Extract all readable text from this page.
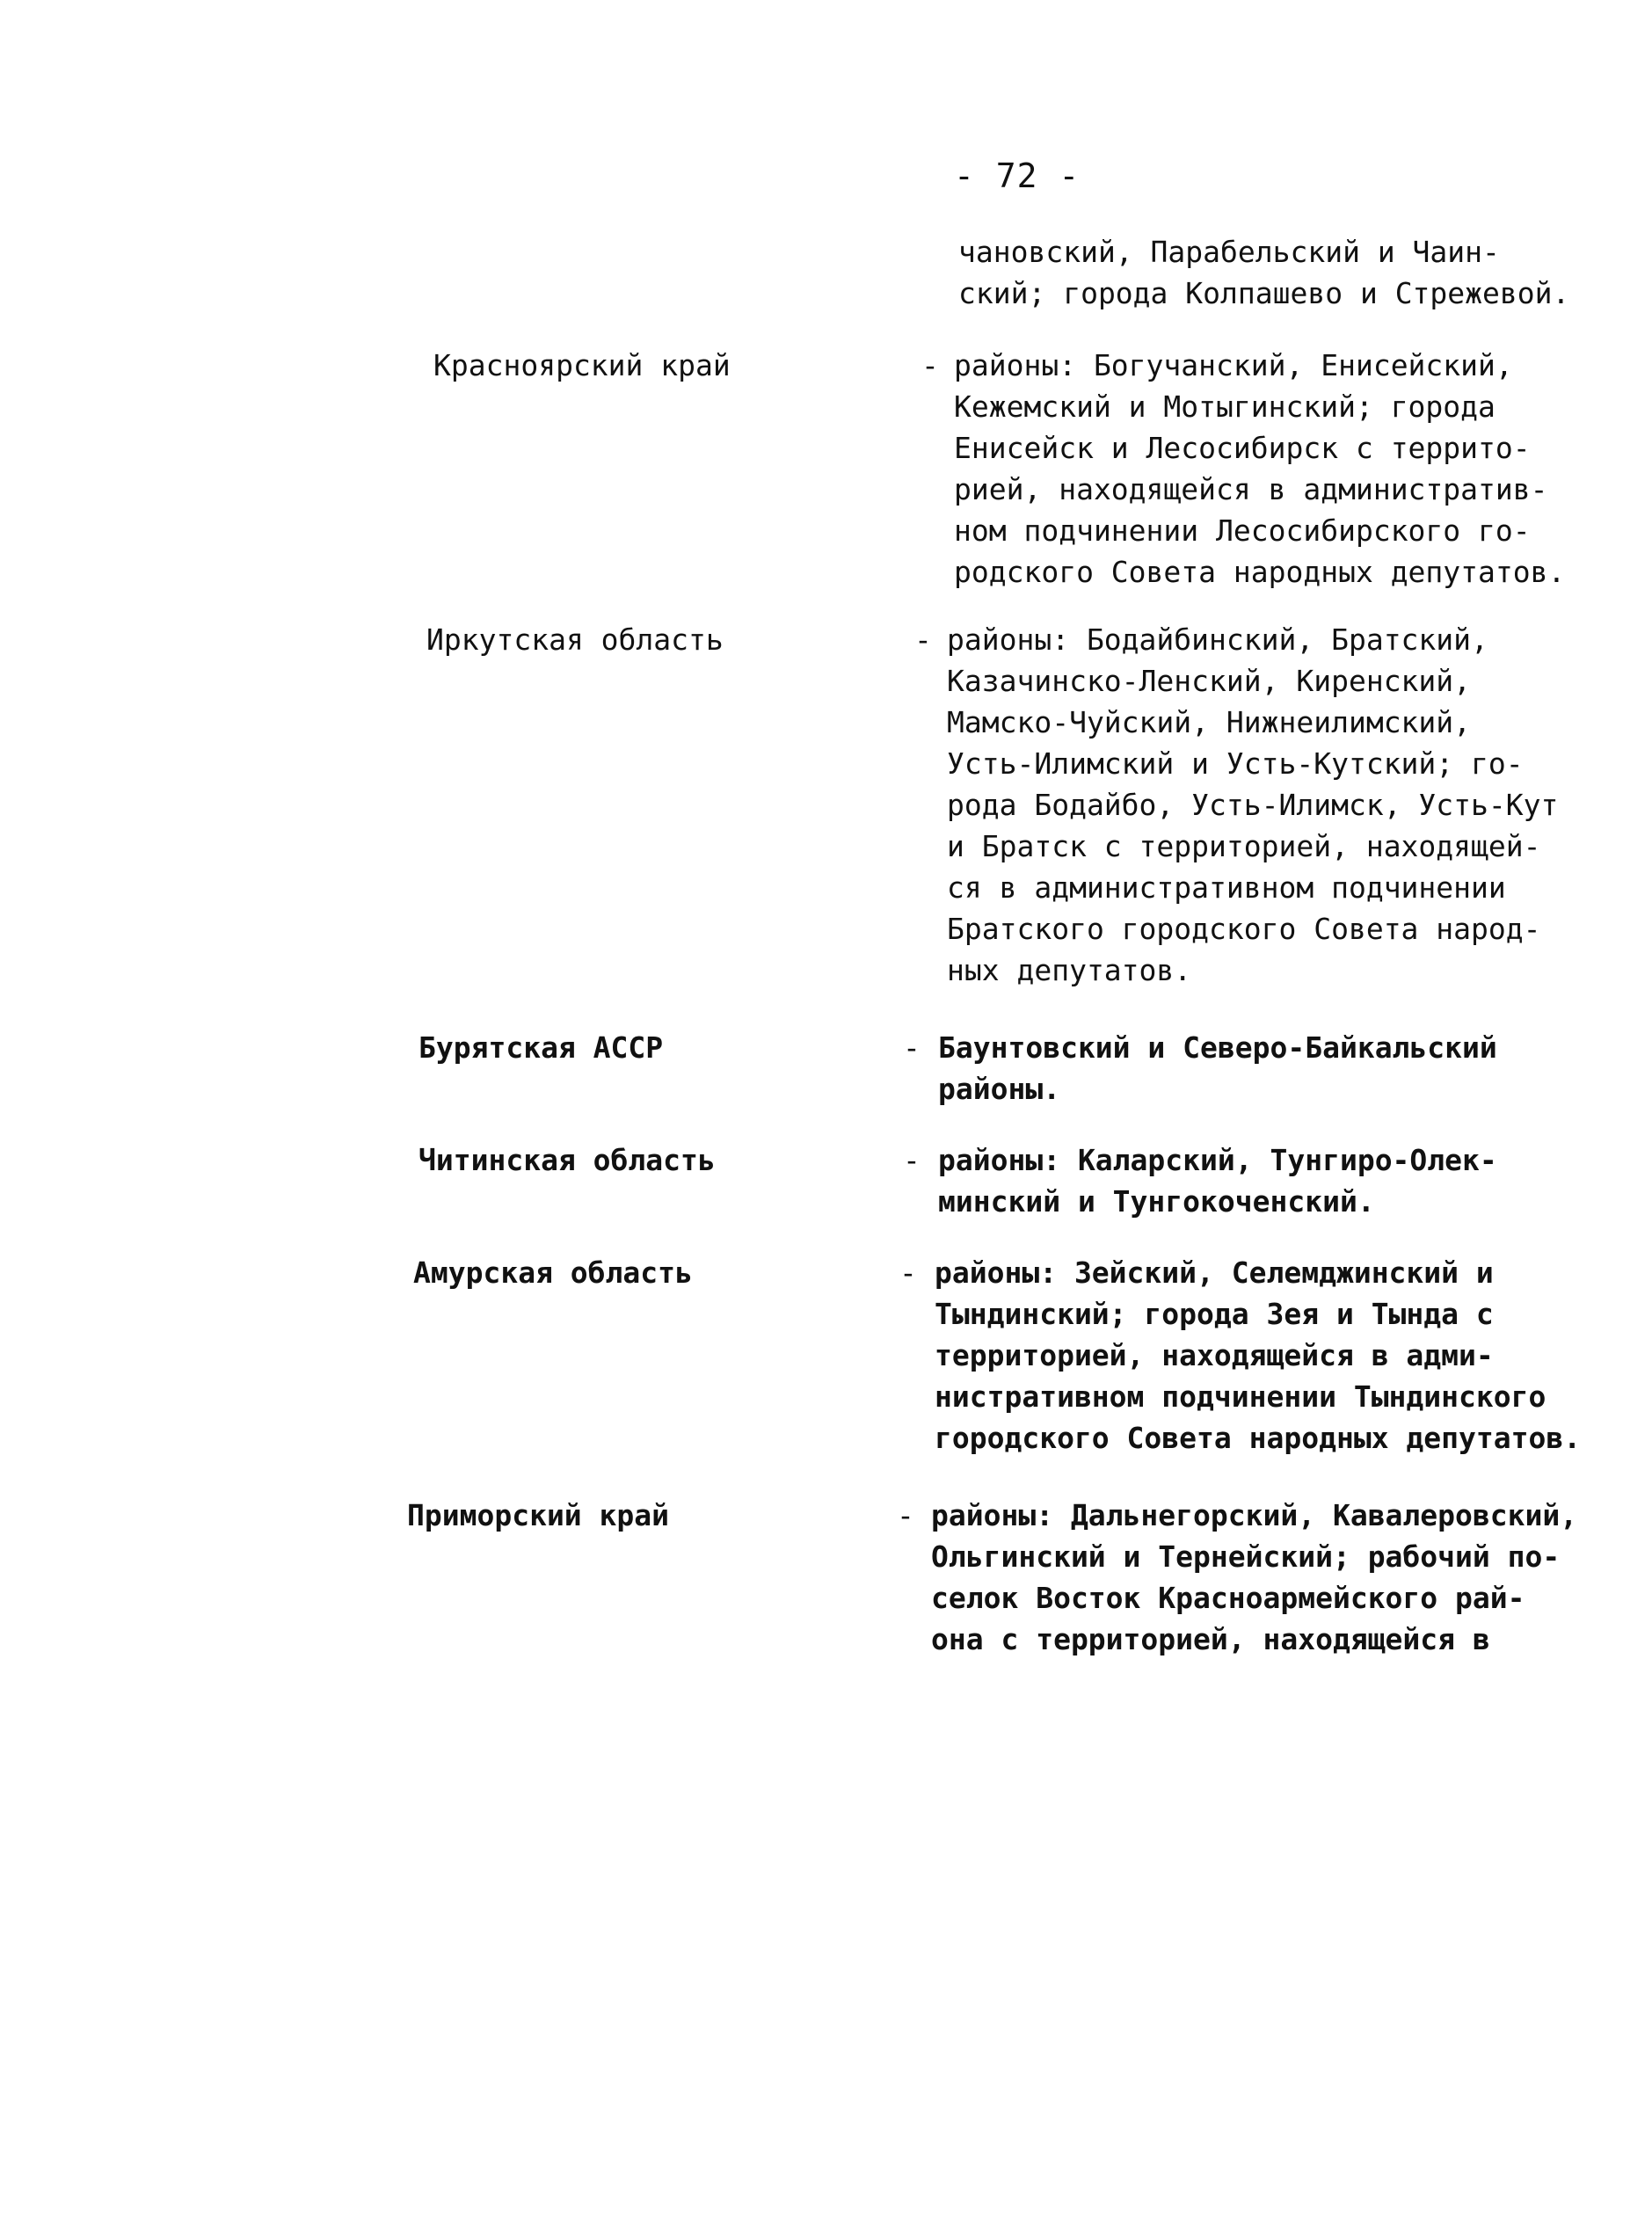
- 72 -
чановский, Парабельский и Чаин-
ский; города Колпашево и Стрежевой.
Красноярский край	- районы: Богучанский, Енисейский,
Кежемский и Мотыгинский; города
Енисейск и Лесосибирск с террито-
рией, находящейся в административ-
ном подчинении Лесосибирского го-
родского Совета народных депутатов.
Иркутская область	- районы: Бодайбинский, Братский,
Казачинско-Ленский, Киренский,
Мамско-Чуйский, Нижнеилимский,
Усть-Илимский и Усть-Кутский; го-
рода Бодайбо, Усть-Илимск, Усть-Кут
и Братск с территорией, находящей-
ся в административном подчинении
Братского городского Совета народ-
ных депутатов.
Бурятская АССР	- Баунтовский и Северо-Байкальский
районы.
Читинская область	- районы: Каларский, Тунгиро-Олек-
минский и Тунгокоченский.
Амурская область	- районы: Зейский, Селемджинский и
Тындинский; города Зея и Тында с
территорией, находящейся в адми-
нистративном подчинении Тындинского
городского Совета народных депутатов.
Приморский край	- районы: Дальнегорский, Кавалеровский,
Ольгинский и Тернейский; рабочий по-
селок Восток Красноармейского рай-
она с территорией, находящейся в
